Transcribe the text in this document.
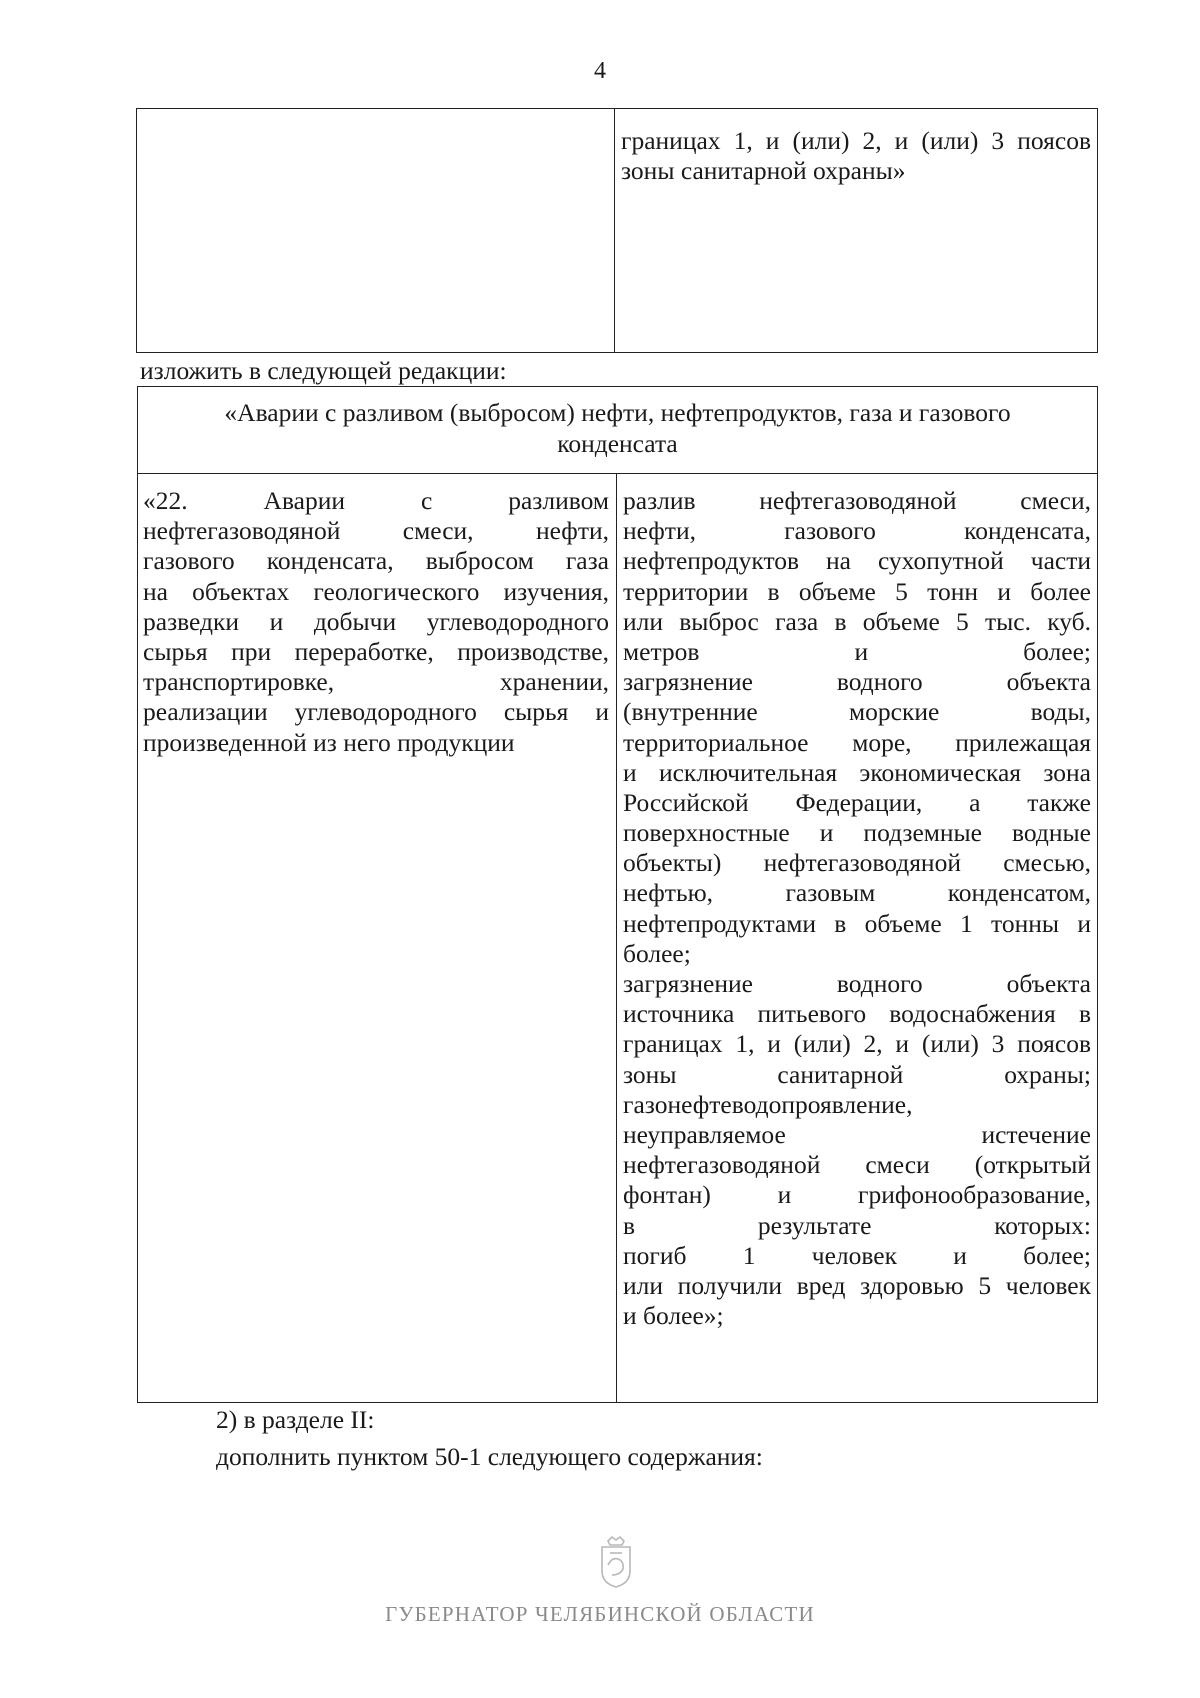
4
границах 1, и (или) 2, и (или) 3 поясов
зоны санитарной охраны»
изложить в следующей редакции:
«Аварии с разливом (выбросом) нефти, нефтепродуктов, газа и газового
конденсата
«22. Аварии с разливом
нефтегазоводяной смеси, нефти,
газового конденсата, выбросом газа
на объектах геологического изучения,
разведки и добычи углеводородного
сырья при переработке, производстве,
транспортировке, хранении,
реализации углеводородного сырья и
произведенной из него продукции
разлив нефтегазоводяной смеси,
нефти, газового конденсата,
нефтепродуктов на сухопутной части
территории в объеме 5 тонн и более
или выброс газа в объеме 5 тыс. куб.
метров и более;
загрязнение водного объекта
(внутренние морские воды,
территориальное море, прилежащая
и исключительная экономическая зона
Российской Федерации, а также
поверхностные и подземные водные
объекты) нефтегазоводяной смесью,
нефтью, газовым конденсатом,
нефтепродуктами в объеме 1 тонны и
более;
загрязнение водного объекта
источника питьевого водоснабжения в
границах 1, и (или) 2, и (или) 3 поясов
зоны санитарной охраны;
газонефтеводопроявление,
неуправляемое истечение
нефтегазоводяной смеси (открытый
фонтан) и грифонообразование,
в результате которых:
погиб 1 человек и более;
или получили вред здоровью 5 человек
и более»;
2) в разделе II:
дополнить пунктом 50-1 следующего содержания:
ГУБЕРНАТОР ЧЕЛЯБИНСКОЙ ОБЛАСТИ
